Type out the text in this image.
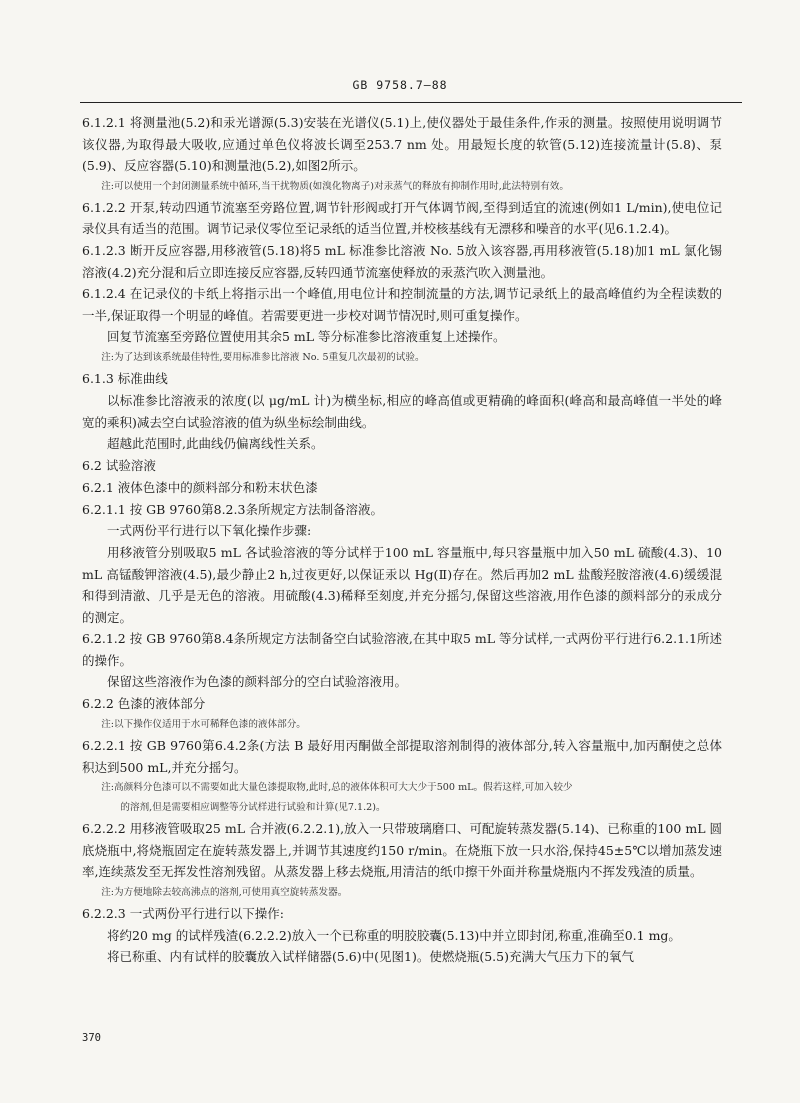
GB 9758.7—88

6.1.2.1 将测量池(5.2)和汞光谱源(5.3)安装在光谱仪(5.1)上,使仪器处于最佳条件,作汞的测量。按照使用说明调节该仪器,为取得最大吸收,应通过单色仪将波长调至253.7 nm 处。用最短长度的软管(5.12)连接流量计(5.8)、泵(5.9)、反应容器(5.10)和测量池(5.2),如图2所示。

注:可以使用一个封闭测量系统中循环,当干扰物质(如溴化物离子)对汞蒸气的释放有抑制作用时,此法特别有效。

6.1.2.2 开泵,转动四通节流塞至旁路位置,调节针形阀或打开气体调节阀,至得到适宜的流速(例如1 L/min),使电位记录仪具有适当的范围。调节记录仪零位至记录纸的适当位置,并校核基线有无漂移和噪音的水平(见6.1.2.4)。

6.1.2.3 断开反应容器,用移液管(5.18)将5 mL 标准参比溶液 No. 5放入该容器,再用移液管(5.18)加1 mL 氯化锡溶液(4.2)充分混和后立即连接反应容器,反转四通节流塞使释放的汞蒸汽吹入测量池。

6.1.2.4 在记录仪的卡纸上将指示出一个峰值,用电位计和控制流量的方法,调节记录纸上的最高峰值约为全程读数的一半,保证取得一个明显的峰值。若需要更进一步校对调节情况时,则可重复操作。

回复节流塞至旁路位置使用其余5 mL 等分标准参比溶液重复上述操作。

注:为了达到该系统最佳特性,要用标准参比溶液 No. 5重复几次最初的试验。

6.1.3 标准曲线

以标准参比溶液汞的浓度(以 μg/mL 计)为横坐标,相应的峰高值或更精确的峰面积(峰高和最高峰值一半处的峰宽的乘积)减去空白试验溶液的值为纵坐标绘制曲线。

超越此范围时,此曲线仍偏离线性关系。

6.2 试验溶液

6.2.1 液体色漆中的颜料部分和粉末状色漆

6.2.1.1 按 GB 9760第8.2.3条所规定方法制备溶液。

一式两份平行进行以下氧化操作步骤:

用移液管分别吸取5 mL 各试验溶液的等分试样于100 mL 容量瓶中,每只容量瓶中加入50 mL 硫酸(4.3)、10 mL 高锰酸钾溶液(4.5),最少静止2 h,过夜更好,以保证汞以 Hg(Ⅱ)存在。然后再加2 mL 盐酸羟胺溶液(4.6)缓缓混和得到清澈、几乎是无色的溶液。用硫酸(4.3)稀释至刻度,并充分摇匀,保留这些溶液,用作色漆的颜料部分的汞成分的测定。

6.2.1.2 按 GB 9760第8.4条所规定方法制备空白试验溶液,在其中取5 mL 等分试样,一式两份平行进行6.2.1.1所述的操作。

保留这些溶液作为色漆的颜料部分的空白试验溶液用。

6.2.2 色漆的液体部分

注:以下操作仪适用于水可稀释色漆的液体部分。

6.2.2.1 按 GB 9760第6.4.2条(方法 B 最好用丙酮做全部提取溶剂制得的液体部分,转入容量瓶中,加丙酮使之总体积达到500 mL,并充分摇匀。

注:高颜料分色漆可以不需要如此大量色漆提取物,此时,总的液体体积可大大少于500 mL。假若这样,可加入较少

的溶剂,但是需要相应调整等分试样进行试验和计算(见7.1.2)。

6.2.2.2 用移液管吸取25 mL 合并液(6.2.2.1),放入一只带玻璃磨口、可配旋转蒸发器(5.14)、已称重的100 mL 圆底烧瓶中,将烧瓶固定在旋转蒸发器上,并调节其速度约150 r/min。在烧瓶下放一只水浴,保持45±5℃以增加蒸发速率,连续蒸发至无挥发性溶剂残留。从蒸发器上移去烧瓶,用清洁的纸巾擦干外面并称量烧瓶内不挥发残渣的质量。

注:为方便地除去较高沸点的溶剂,可使用真空旋转蒸发器。

6.2.2.3 一式两份平行进行以下操作:

将约20 mg 的试样残渣(6.2.2.2)放入一个已称重的明胶胶囊(5.13)中并立即封闭,称重,准确至0.1 mg。

将已称重、内有试样的胶囊放入试样储器(5.6)中(见图1)。使燃烧瓶(5.5)充满大气压力下的氧气

370
